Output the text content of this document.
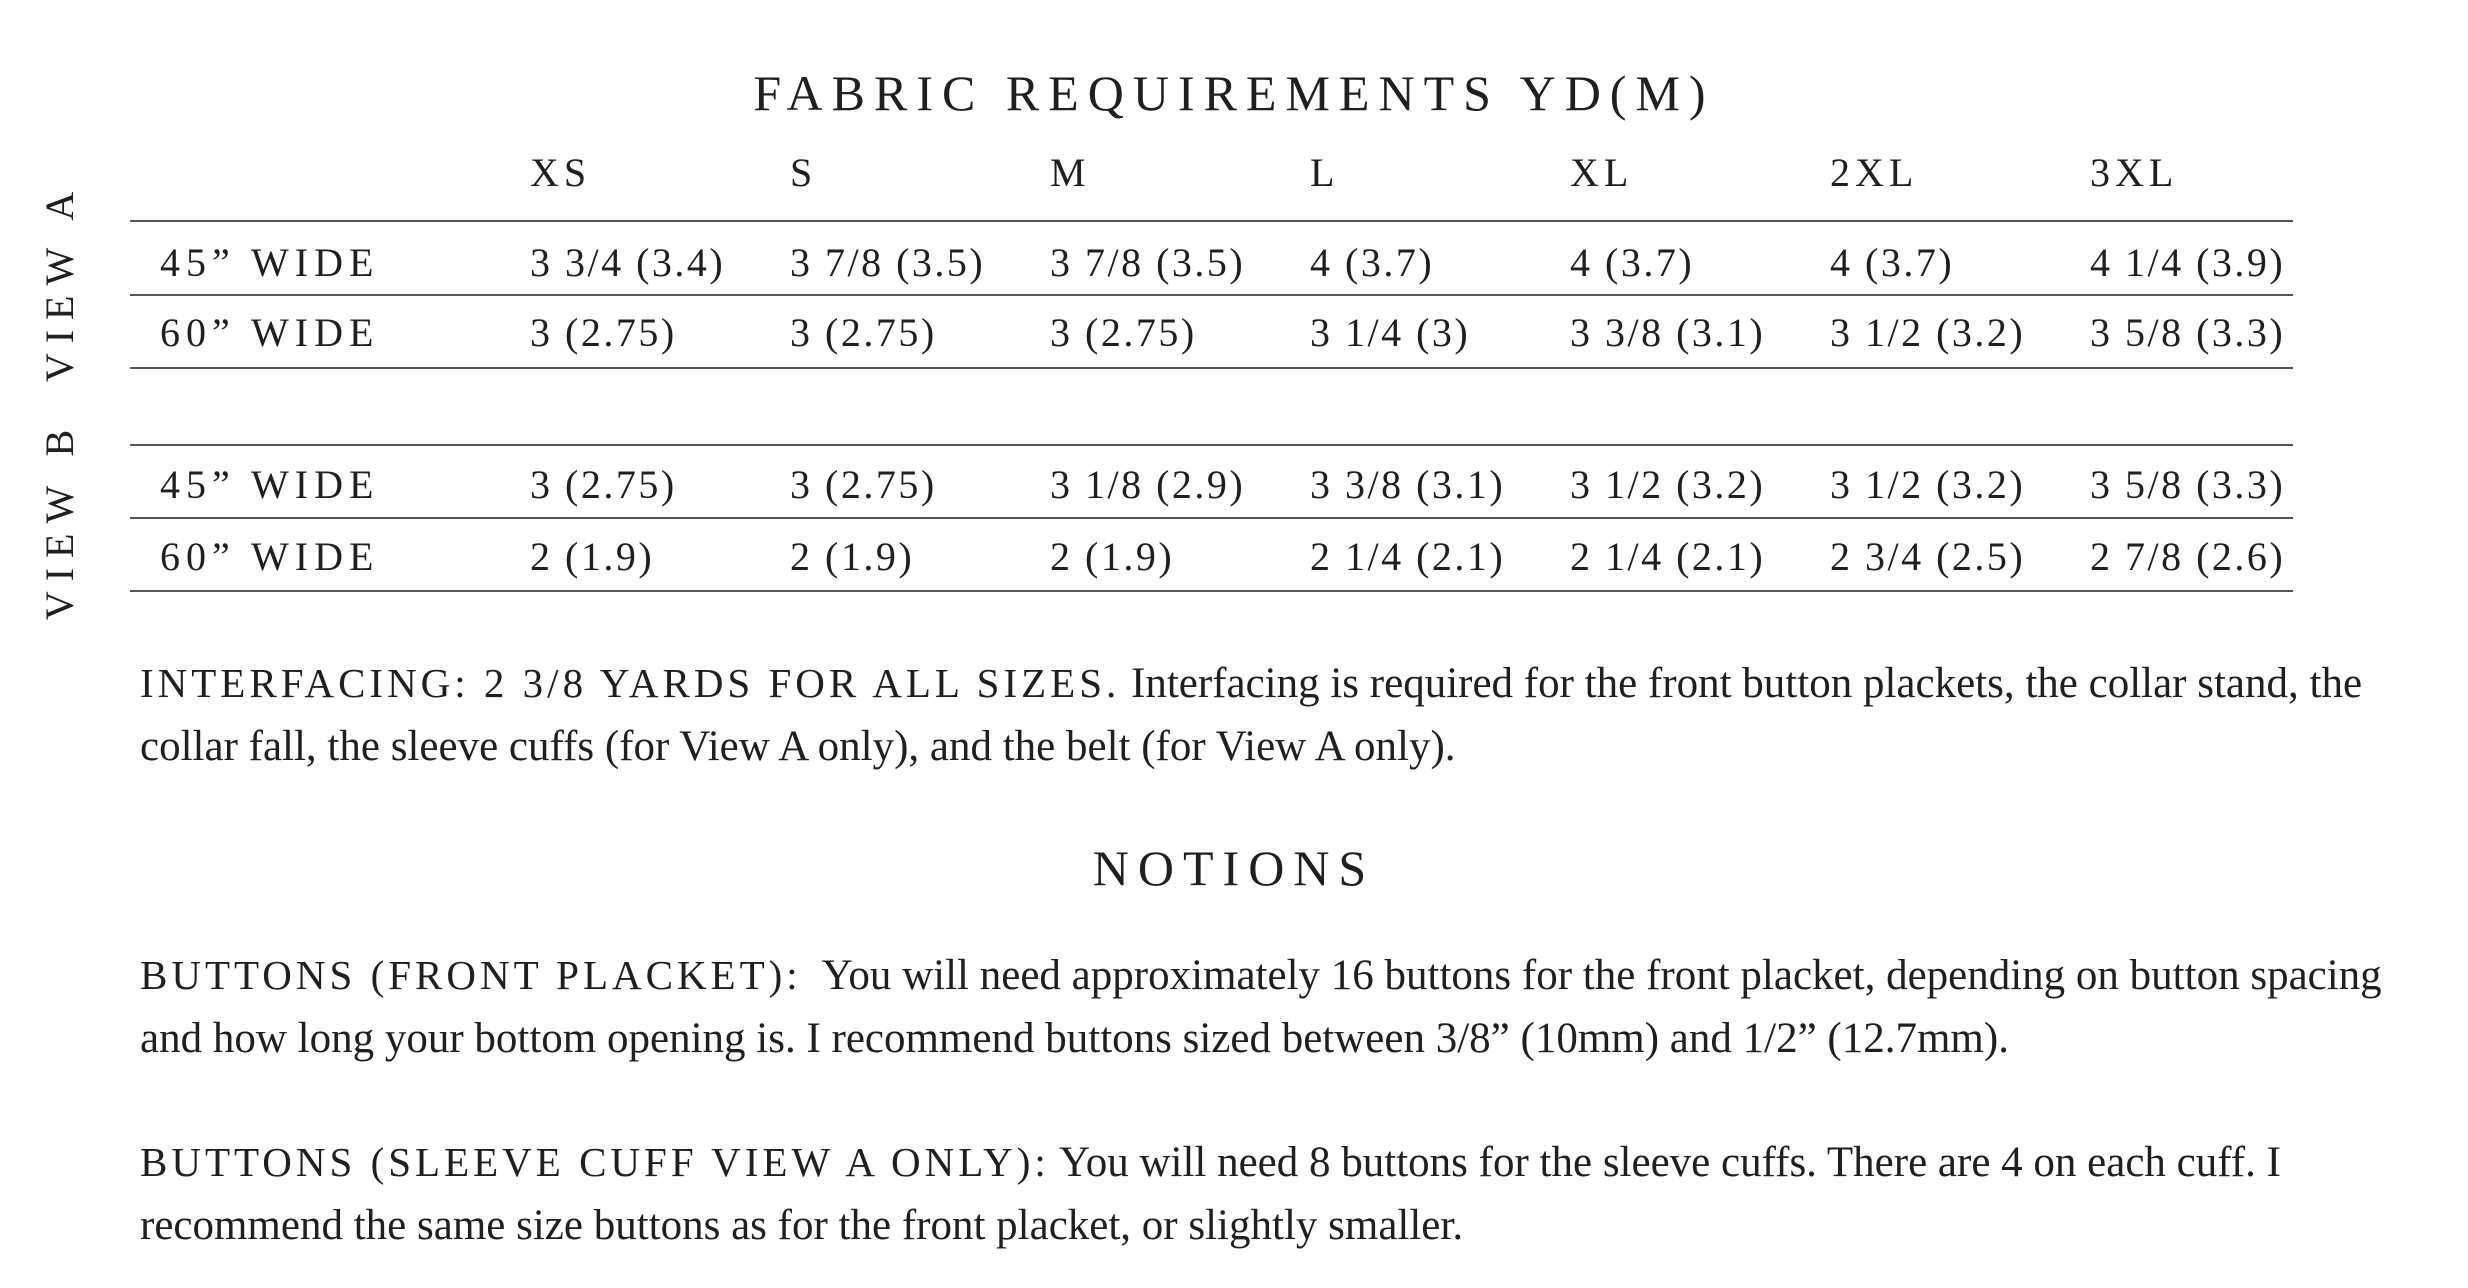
FABRIC REQUIREMENTS YD(M)
XS	S	M	L	XL	2XL	3XL
VIEW A
VIEW B
45” WIDE	3 3/4 (3.4) 3 7/8 (3.5) 3 7/8 (3.5) 4 (3.7)	4 (3.7)	4 (3.7)	4 1/4 (3.9)
60” WIDE	3 (2.75)	3 (2.75)	3 (2.75)	3 1/4 (3) 3 3/8 (3.1) 3 1/2 (3.2) 3 5/8 (3.3)
45” WIDE	3 (2.75)	3 (2.75)	3 1/8 (2.9) 3 3/8 (3.1) 3 1/2 (3.2) 3 1/2 (3.2) 3 5/8 (3.3)
60” WIDE	2 (1.9)	2 (1.9)	2 (1.9)	2 1/4 (2.1) 2 1/4 (2.1) 2 3/4 (2.5) 2 7/8 (2.6)
INTERFACING: 2 3/8 YARDS FOR ALL SIZES. Interfacing is required for the front button plackets, the collar stand, the collar fall, the sleeve cuffs (for View A only), and the belt (for View A only).
NOTIONS
BUTTONS (FRONT PLACKET): You will need approximately 16 buttons for the front placket, depending on button spacing and how long your bottom opening is. I recommend buttons sized between 3/8” (10mm) and 1/2” (12.7mm).
BUTTONS (SLEEVE CUFF VIEW A ONLY): You will need 8 buttons for the sleeve cuffs. There are 4 on each cuff. I recommend the same size buttons as for the front placket, or slightly smaller.
